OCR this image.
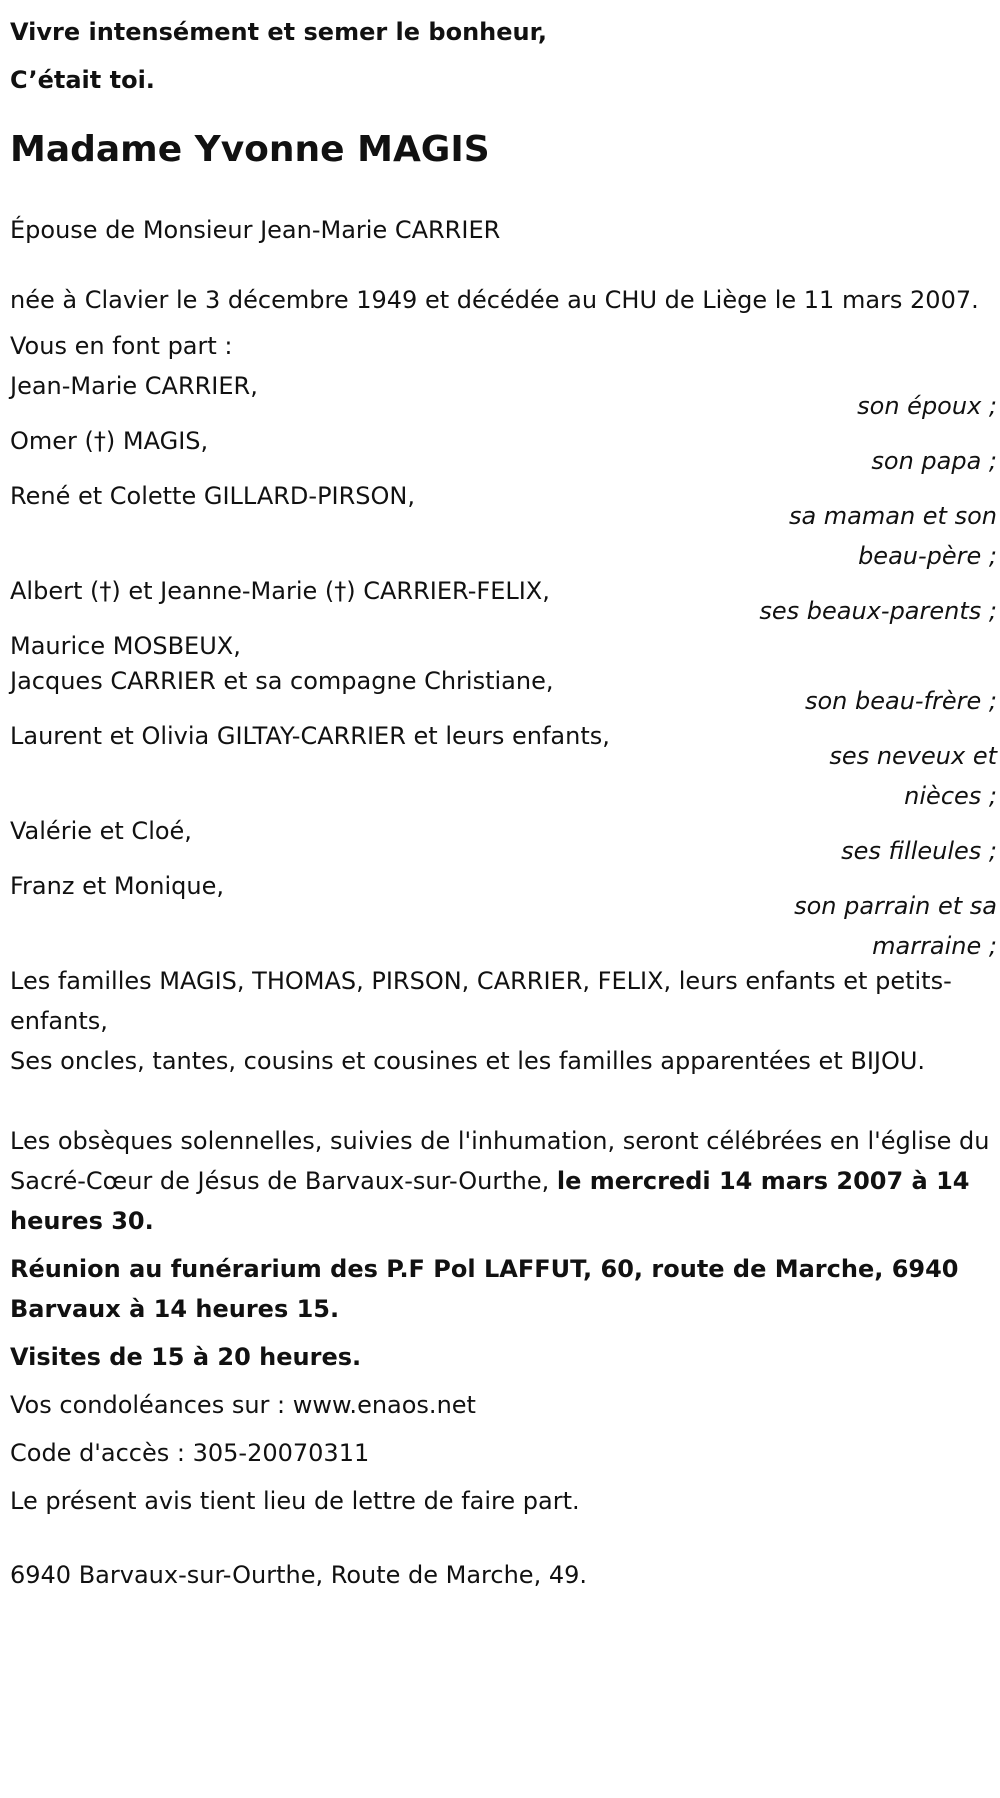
Vivre intensément et semer le bonheur,
C’était toi.

Madame Yvonne MAGIS

Épouse de Monsieur Jean-Marie CARRIER

née à Clavier le 3 décembre 1949 et décédée au CHU de Liège le 11 mars 2007.

Vous en font part :

Jean-Marie CARRIER,
son époux ;
Omer (†) MAGIS,
son papa ;
René et Colette GILLARD-PIRSON,
sa maman et son beau-père ;
Albert (†) et Jeanne-Marie (†) CARRIER-FELIX,
ses beaux-parents ;
Maurice MOSBEUX,
Jacques CARRIER et sa compagne Christiane,
son beau-frère ;
Laurent et Olivia GILTAY-CARRIER et leurs enfants,
ses neveux et nièces ;
Valérie et Cloé,
ses filleules ;
Franz et Monique,
son parrain et sa marraine ;

Les familles MAGIS, THOMAS, PIRSON, CARRIER, FELIX, leurs enfants et petits-enfants,
Ses oncles, tantes, cousins et cousines et les familles apparentées et BIJOU.

Les obsèques solennelles, suivies de l'inhumation, seront célébrées en l'église du Sacré-Cœur de Jésus de Barvaux-sur-Ourthe, le mercredi 14 mars 2007 à 14 heures 30.

Réunion au funérarium des P.F Pol LAFFUT, 60, route de Marche, 6940 Barvaux à 14 heures 15.

Visites de 15 à 20 heures.

Vos condoléances sur : www.enaos.net

Code d'accès : 305-20070311

Le présent avis tient lieu de lettre de faire part.

6940 Barvaux-sur-Ourthe, Route de Marche, 49.
